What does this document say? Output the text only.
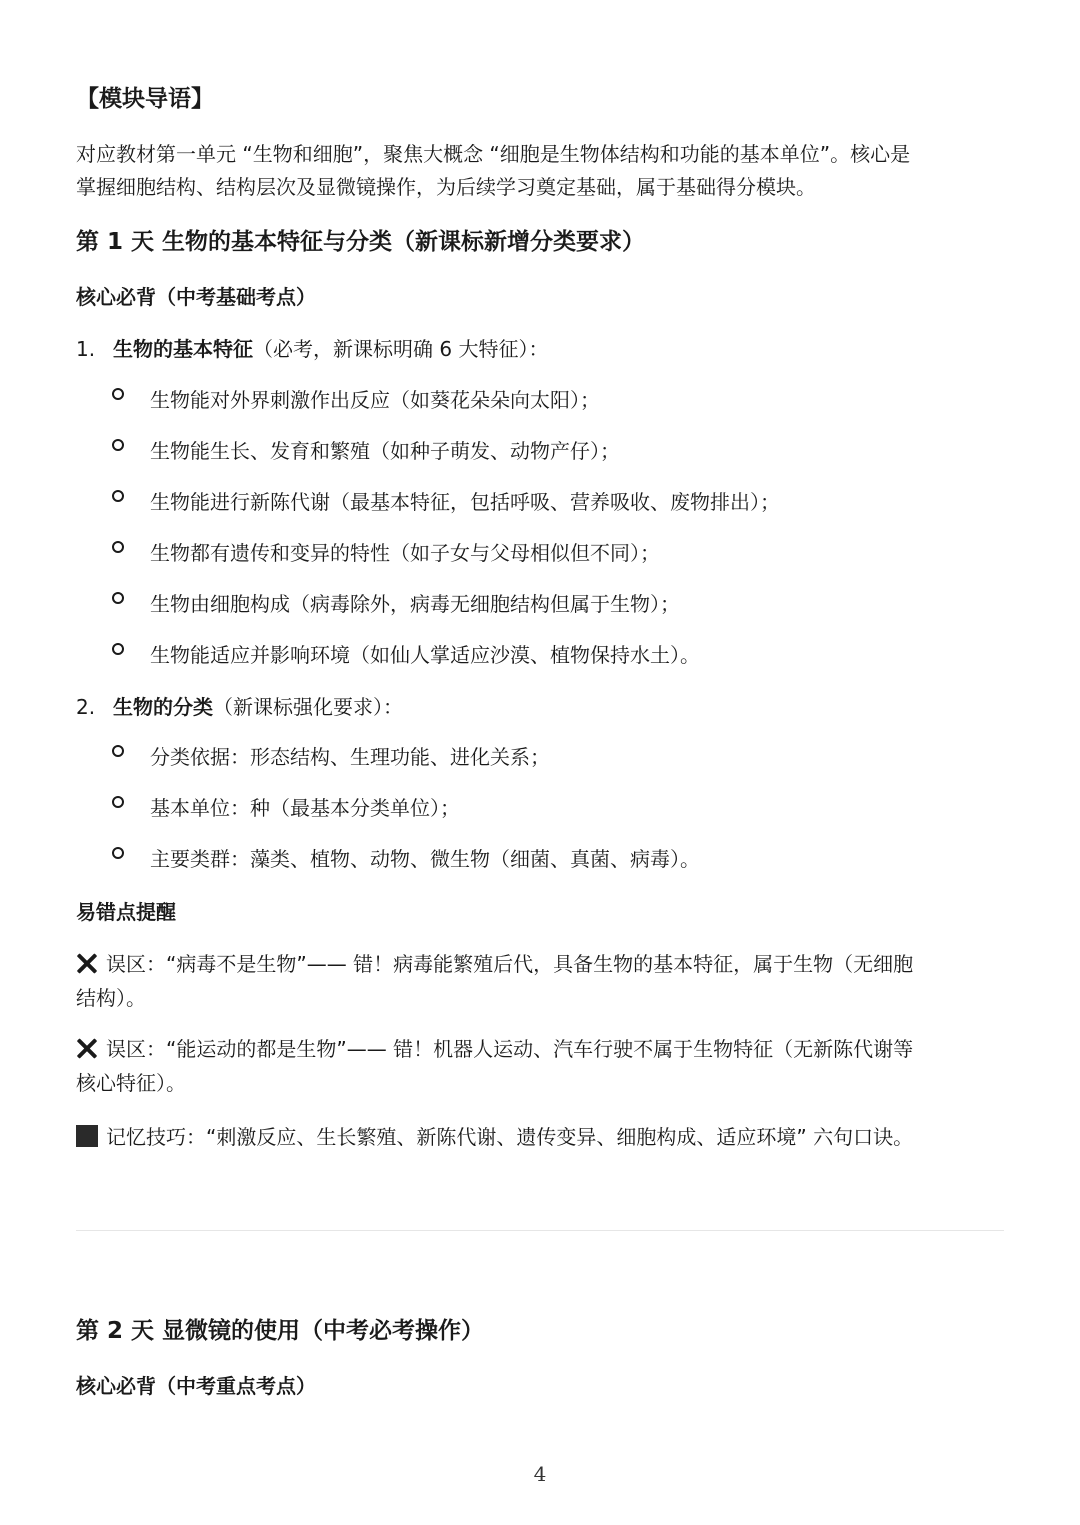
【模块导语】

对应教材第一单元 “生物和细胞”，聚焦大概念 “细胞是生物体结构和功能的基本单位”。核心是

掌握细胞结构、结构层次及显微镜操作，为后续学习奠定基础，属于基础得分模块。

第 1 天 生物的基本特征与分类（新课标新增分类要求）

核心必背（中考基础考点）

1. 生物的基本特征（必考，新课标明确 6 大特征）：

生物能对外界刺激作出反应（如葵花朵朵向太阳）；

生物能生长、发育和繁殖（如种子萌发、动物产仔）；

生物能进行新陈代谢（最基本特征，包括呼吸、营养吸收、废物排出）；

生物都有遗传和变异的特性（如子女与父母相似但不同）；

生物由细胞构成（病毒除外，病毒无细胞结构但属于生物）；

生物能适应并影响环境（如仙人掌适应沙漠、植物保持水土）。

2. 生物的分类（新课标强化要求）：

分类依据：形态结构、生理功能、进化关系；

基本单位：种（最基本分类单位）；

主要类群：藻类、植物、动物、微生物（细菌、真菌、病毒）。

易错点提醒

误区：“病毒不是生物”—— 错！病毒能繁殖后代，具备生物的基本特征，属于生物（无细胞

结构）。

误区：“能运动的都是生物”—— 错！机器人运动、汽车行驶不属于生物特征（无新陈代谢等

核心特征）。

记忆技巧：“刺激反应、生长繁殖、新陈代谢、遗传变异、细胞构成、适应环境” 六句口诀。

第 2 天 显微镜的使用（中考必考操作）

核心必背（中考重点考点）

4
